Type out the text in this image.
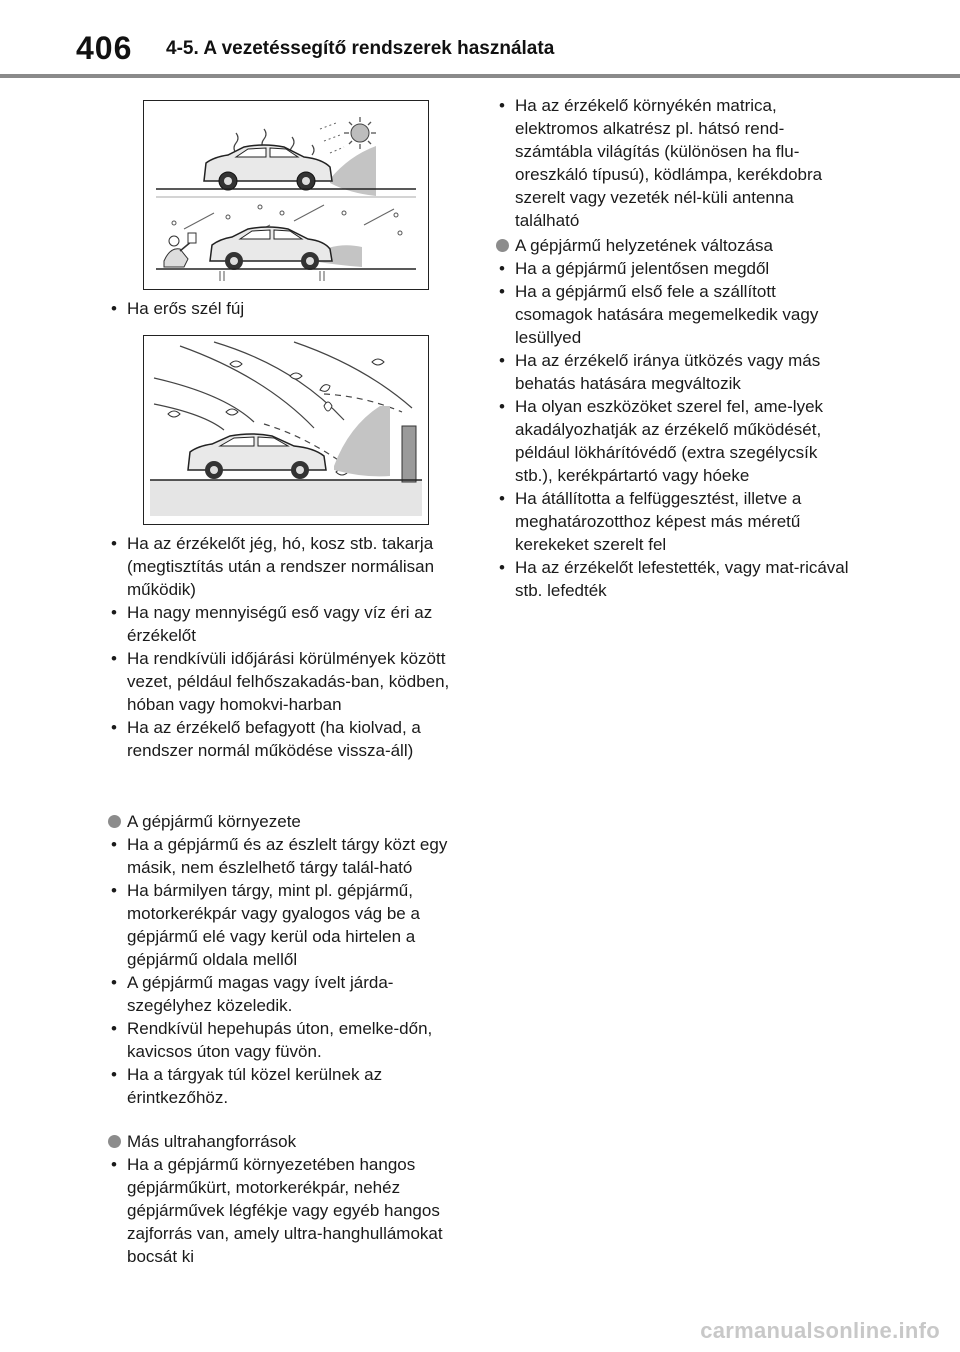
406 4-5. A vezetéssegítő rendszerek használata

• Ha erős szél fúj

• Ha az érzékelőt jég, hó, kosz stb. takarja (megtisztítás után a rendszer normálisan működik)

• Ha nagy mennyiségű eső vagy víz éri az érzékelőt

• Ha rendkívüli időjárási körülmények között vezet, például felhőszakadás-ban, ködben, hóban vagy homokvi-harban

• Ha az érzékelő befagyott (ha kiolvad, a rendszer normál működése vissza-áll)

A gépjármű környezete

• Ha a gépjármű és az észlelt tárgy közt egy másik, nem észlelhető tárgy talál-ható

• Ha bármilyen tárgy, mint pl. gépjármű, motorkerékpár vagy gyalogos vág be a gépjármű elé vagy kerül oda hirtelen a gépjármű oldala mellől

• A gépjármű magas vagy ívelt járda-szegélyhez közeledik.

• Rendkívül hepehupás úton, emelke-dőn, kavicsos úton vagy füvön.

• Ha a tárgyak túl közel kerülnek az érintkezőhöz.

Más ultrahangforrások

• Ha a gépjármű környezetében hangos gépjárműkürt, motorkerékpár, nehéz gépjárművek légfékje vagy egyéb hangos zajforrás van, amely ultra-hanghullámokat bocsát ki

• Ha az érzékelő környékén matrica, elektromos alkatrész pl. hátsó rend-számtábla világítás (különösen ha flu-oreszkáló típusú), ködlámpa, kerékdobra szerelt vagy vezeték nél-küli antenna található

A gépjármű helyzetének változása

• Ha a gépjármű jelentősen megdől

• Ha a gépjármű első fele a szállított csomagok hatására megemelkedik vagy lesüllyed

• Ha az érzékelő iránya ütközés vagy más behatás hatására megváltozik

• Ha olyan eszközöket szerel fel, ame-lyek akadályozhatják az érzékelő működését, például lökhárítóvédő (extra szegélycsík stb.), kerékpártartó vagy hóeke

• Ha átállította a felfüggesztést, illetve a meghatározotthoz képest más méretű kerekeket szerelt fel

• Ha az érzékelőt lefestették, vagy mat-ricával stb. lefedték

carmanualsonline.info
